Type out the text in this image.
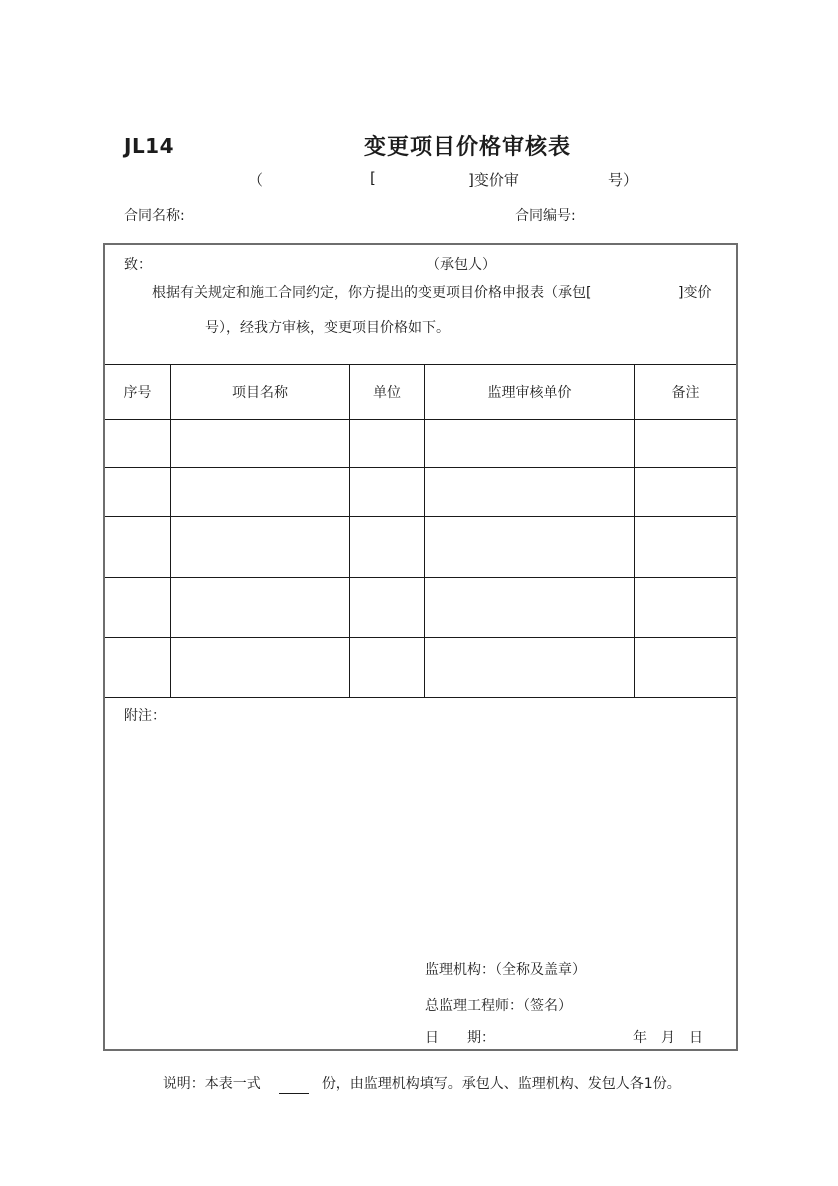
JL14	变更项目价格审核表
（	[	]变价审	号）
合同名称:	合同编号:
致：	（承包人）
根据有关规定和施工合同约定，你方提出的变更项目价格申报表（承包[	]变价
号），经我方审核，变更项目价格如下。
序号	项目名称	单位	监理审核单价	备注
附注：
监理机构：（全称及盖章）
总监理工程师：（签名）
日　　期：	年　月　日

说明：本表一式	份，由监理机构填写。承包人、监理机构、发包人各1份。
